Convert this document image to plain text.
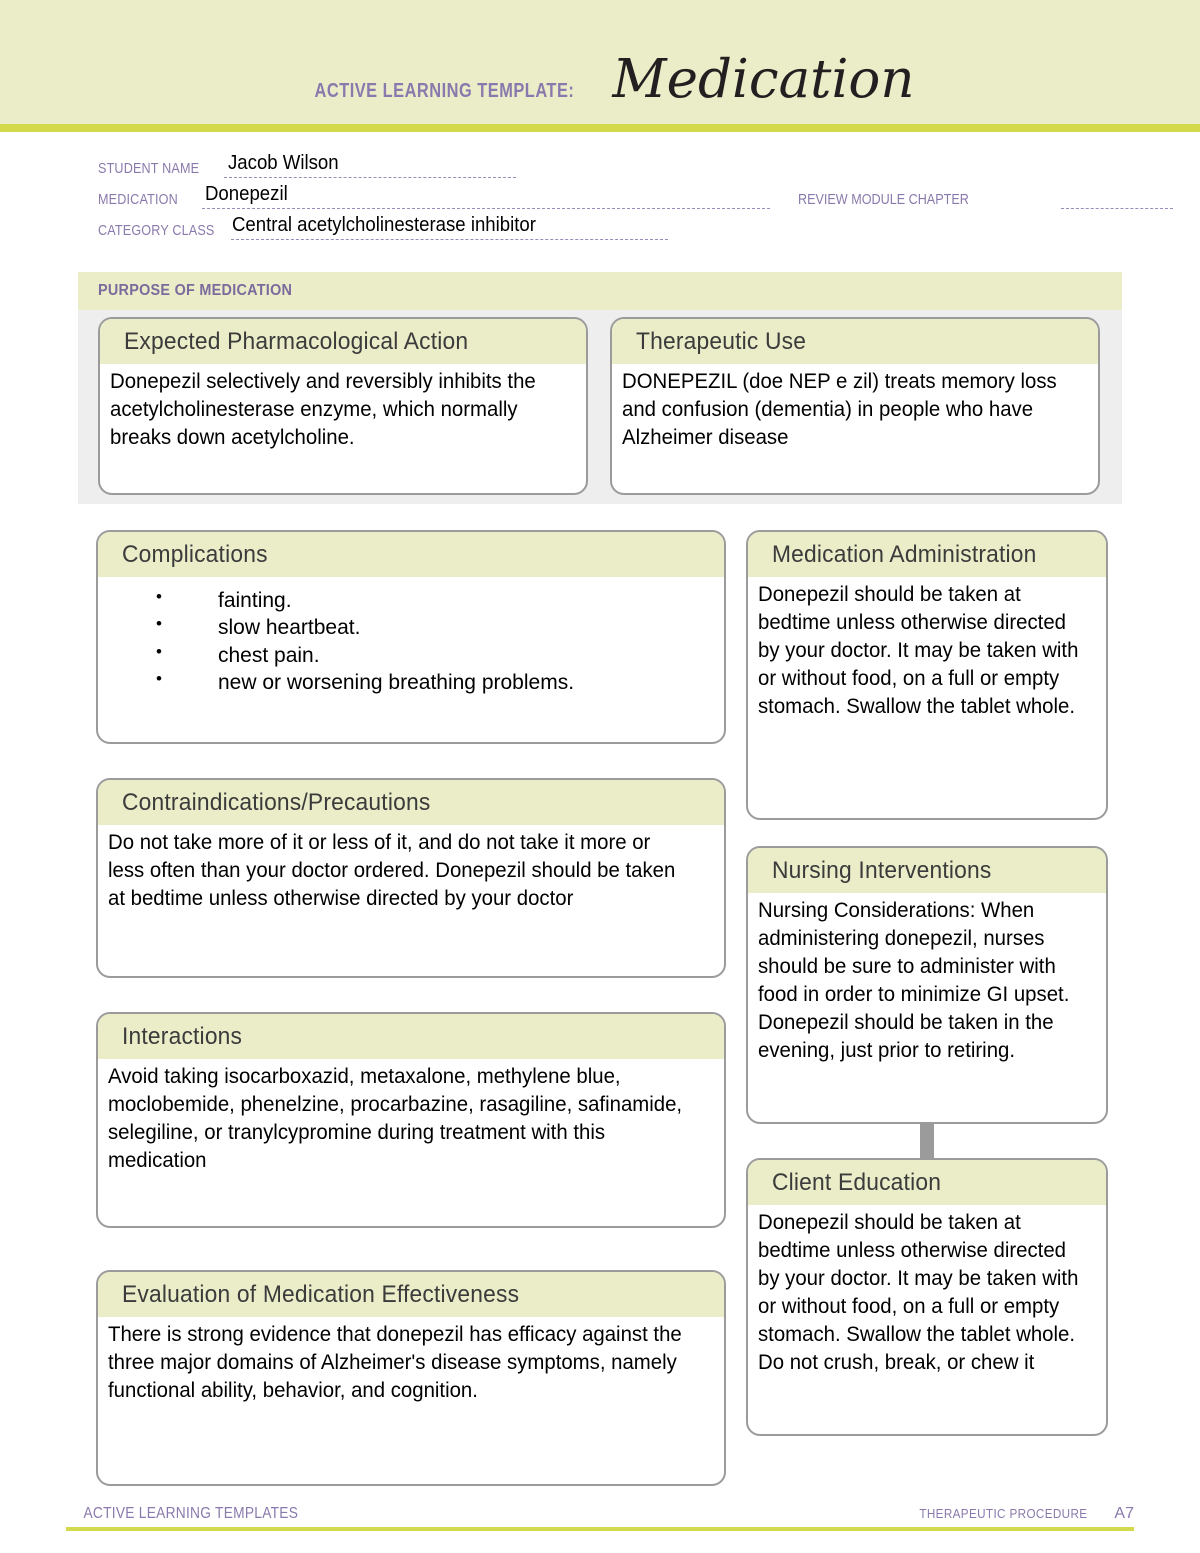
ACTIVE LEARNING TEMPLATE: Medication
STUDENT NAME Jacob Wilson
MEDICATION Donepezil	REVIEW MODULE CHAPTER
CATEGORY CLASS Central acetylcholinesterase inhibitor
PURPOSE OF MEDICATION
Expected Pharmacological Action

Donepezil selectively and reversibly inhibits the acetylcholinesterase enzyme, which normally breaks down acetylcholine.

Therapeutic Use

DONEPEZIL (doe NEP e zil) treats memory loss and confusion (dementia) in people who have Alzheimer disease

Complications
• fainting.
• slow heartbeat.
• chest pain.
• new or worsening breathing problems.
Contraindications/Precautions

Do not take more of it or less of it, and do not take it more or less often than your doctor ordered. Donepezil should be taken at bedtime unless otherwise directed by your doctor

Interactions

Avoid taking isocarboxazid, metaxalone, methylene blue, moclobemide, phenelzine, procarbazine, rasagiline, safinamide, selegiline, or tranylcypromine during treatment with this medication

Evaluation of Medication Effectiveness

There is strong evidence that donepezil has efficacy against the three major domains of Alzheimer's disease symptoms, namely functional ability, behavior, and cognition.

Medication Administration

Donepezil should be taken at bedtime unless otherwise directed by your doctor. It may be taken with or without food, on a full or empty stomach. Swallow the tablet whole.

Nursing Interventions

Nursing Considerations: When administering donepezil, nurses should be sure to administer with food in order to minimize GI upset. Donepezil should be taken in the evening, just prior to retiring.

Client Education

Donepezil should be taken at bedtime unless otherwise directed by your doctor. It may be taken with or without food, on a full or empty stomach. Swallow the tablet whole. Do not crush, break, or chew it

ACTIVE LEARNING TEMPLATES	THERAPEUTIC PROCEDURE A7
